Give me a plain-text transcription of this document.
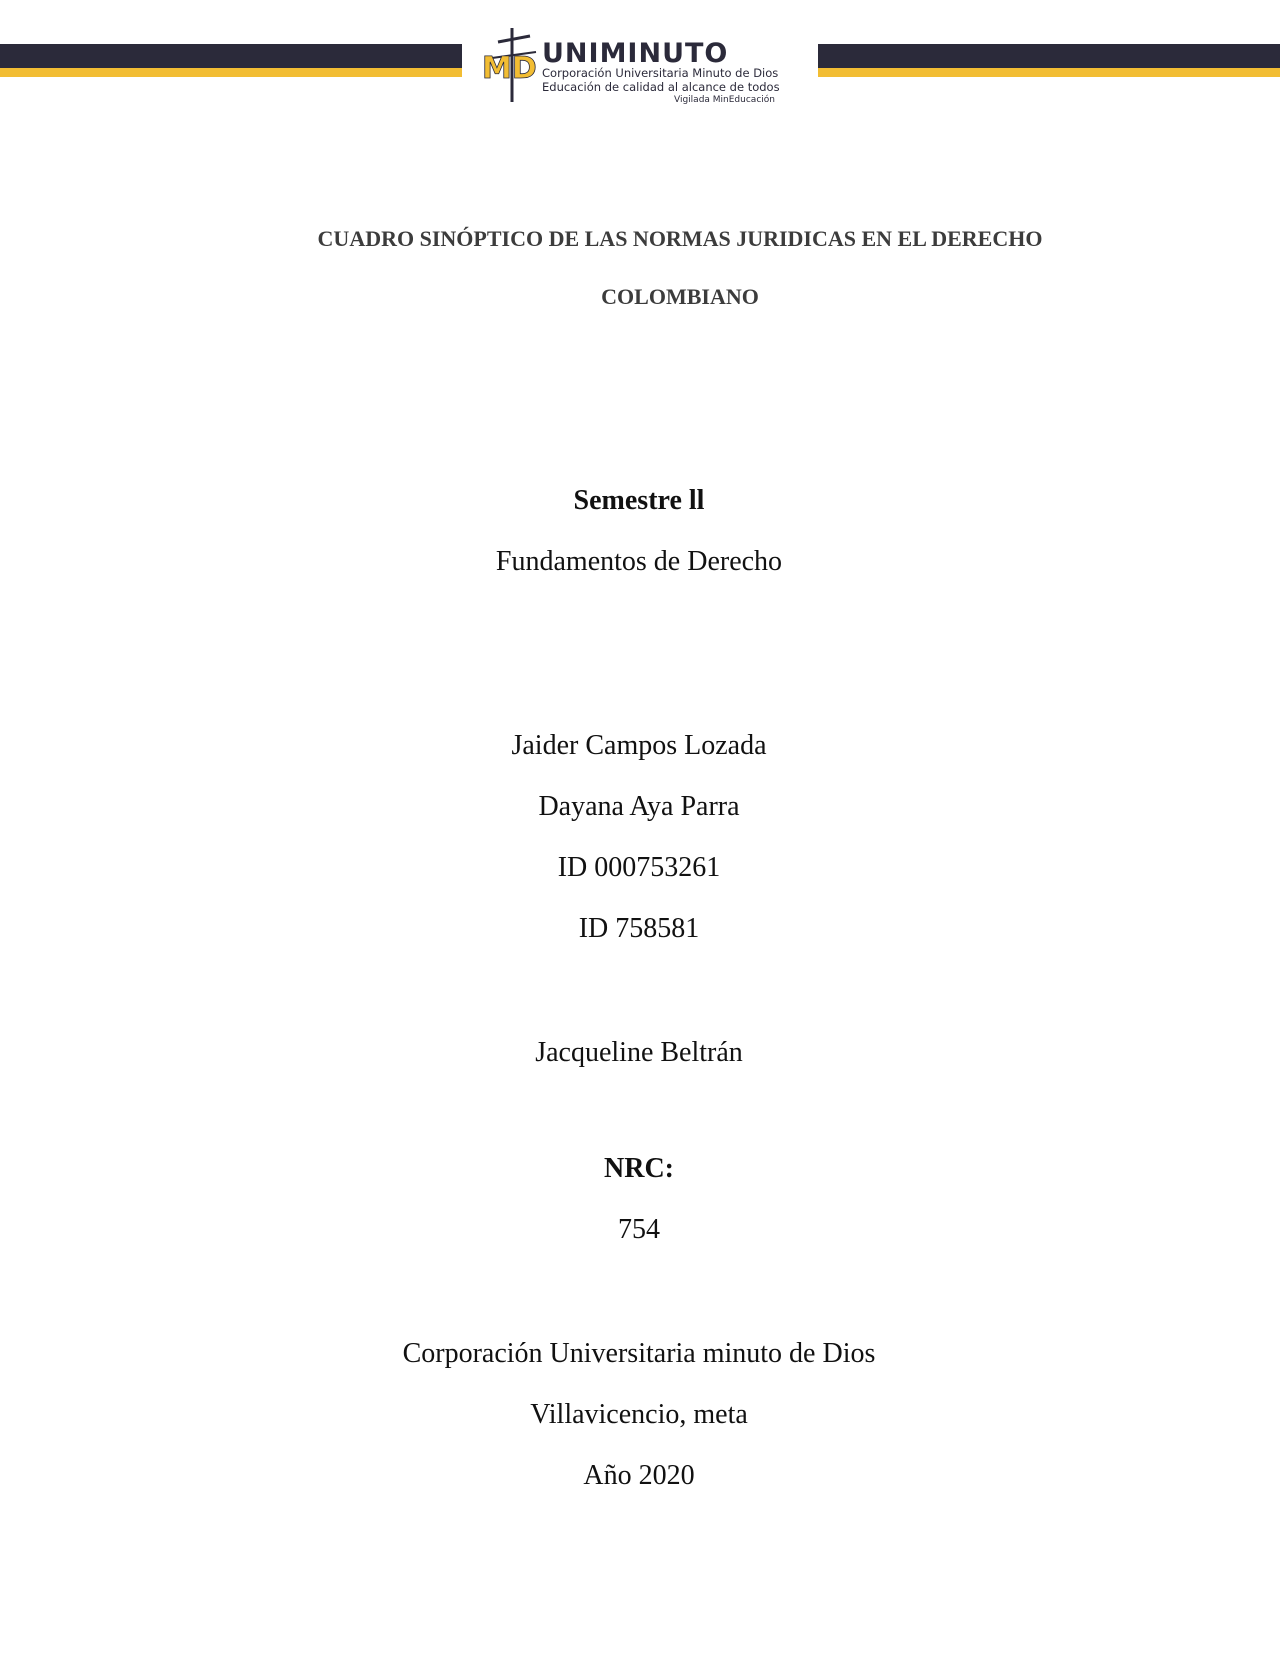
MD UNIMINUTO
Corporación Universitaria Minuto de Dios
Educación de calidad al alcance de todos
Vigilada MinEducación
CUADRO SINÓPTICO DE LAS NORMAS JURIDICAS EN EL DERECHO
COLOMBIANO
Semestre ll
Fundamentos de Derecho
Jaider Campos Lozada
Dayana Aya Parra
ID 000753261
ID 758581
Jacqueline Beltrán
NRC:
754
Corporación Universitaria minuto de Dios
Villavicencio, meta
Año 2020
